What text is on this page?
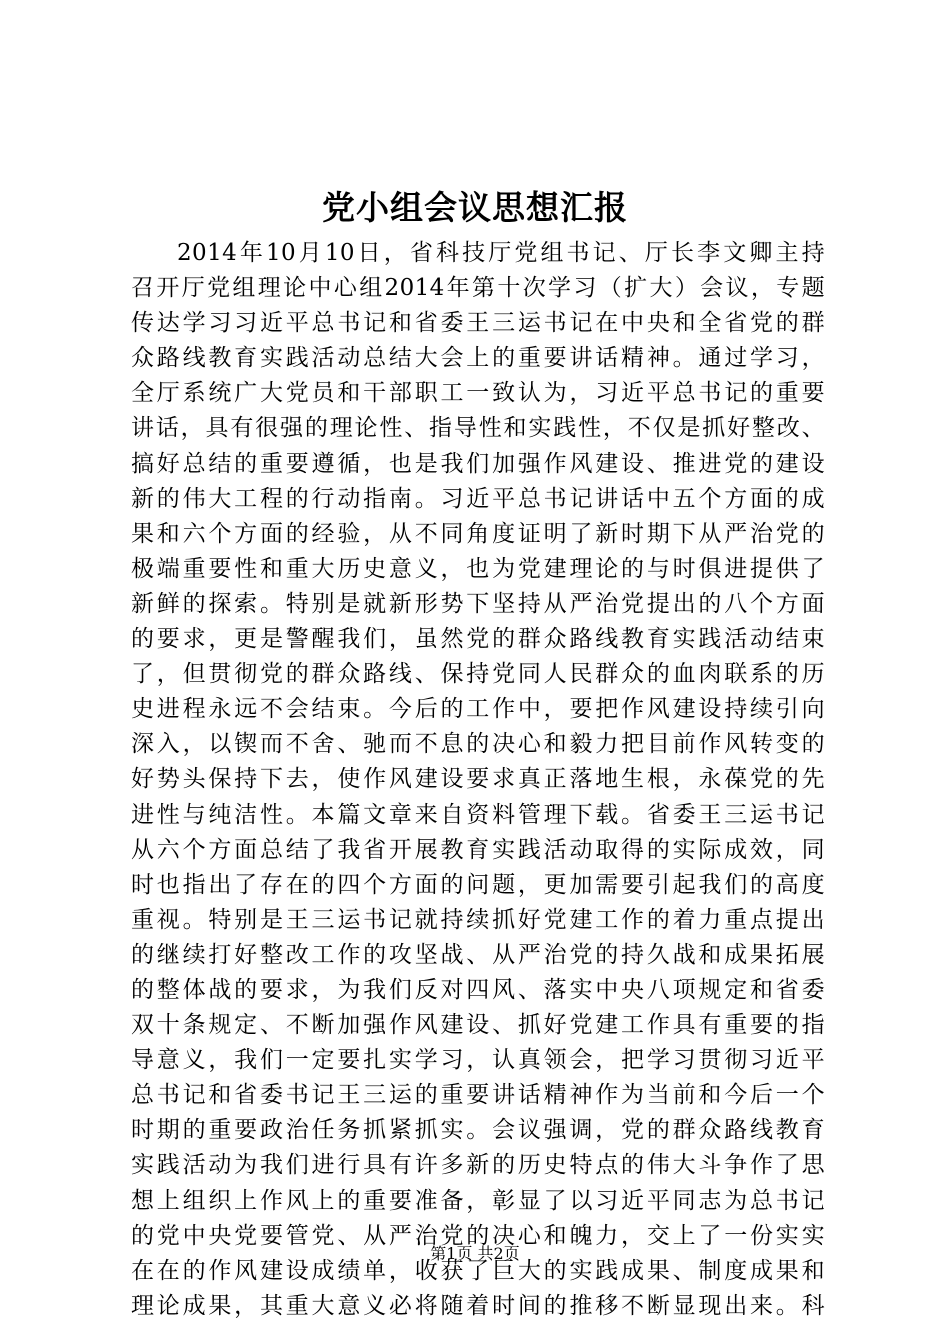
党小组会议思想汇报
2014年10月10日，省科技厅党组书记、厅长李文卿主持
召开厅党组理论中心组2014年第十次学习（扩大）会议，专题
传达学习习近平总书记和省委王三运书记在中央和全省党的群
众路线教育实践活动总结大会上的重要讲话精神。通过学习，
全厅系统广大党员和干部职工一致认为，习近平总书记的重要
讲话，具有很强的理论性、指导性和实践性，不仅是抓好整改、
搞好总结的重要遵循，也是我们加强作风建设、推进党的建设
新的伟大工程的行动指南。习近平总书记讲话中五个方面的成
果和六个方面的经验，从不同角度证明了新时期下从严治党的
极端重要性和重大历史意义，也为党建理论的与时俱进提供了
新鲜的探索。特别是就新形势下坚持从严治党提出的八个方面
的要求，更是警醒我们，虽然党的群众路线教育实践活动结束
了，但贯彻党的群众路线、保持党同人民群众的血肉联系的历
史进程永远不会结束。今后的工作中，要把作风建设持续引向
深入，以锲而不舍、驰而不息的决心和毅力把目前作风转变的
好势头保持下去，使作风建设要求真正落地生根，永葆党的先
进性与纯洁性。本篇文章来自资料管理下载。省委王三运书记
从六个方面总结了我省开展教育实践活动取得的实际成效，同
时也指出了存在的四个方面的问题，更加需要引起我们的高度
重视。特别是王三运书记就持续抓好党建工作的着力重点提出
的继续打好整改工作的攻坚战、从严治党的持久战和成果拓展
的整体战的要求，为我们反对四风、落实中央八项规定和省委
双十条规定、不断加强作风建设、抓好党建工作具有重要的指
导意义，我们一定要扎实学习，认真领会，把学习贯彻习近平
总书记和省委书记王三运的重要讲话精神作为当前和今后一个
时期的重要政治任务抓紧抓实。会议强调，党的群众路线教育
实践活动为我们进行具有许多新的历史特点的伟大斗争作了思
想上组织上作风上的重要准备，彰显了以习近平同志为总书记
的党中央党要管党、从严治党的决心和魄力，交上了一份实实
在在的作风建设成绩单，收获了巨大的实践成果、制度成果和
理论成果，其重大意义必将随着时间的推移不断显现出来。科
第1页 共2页
